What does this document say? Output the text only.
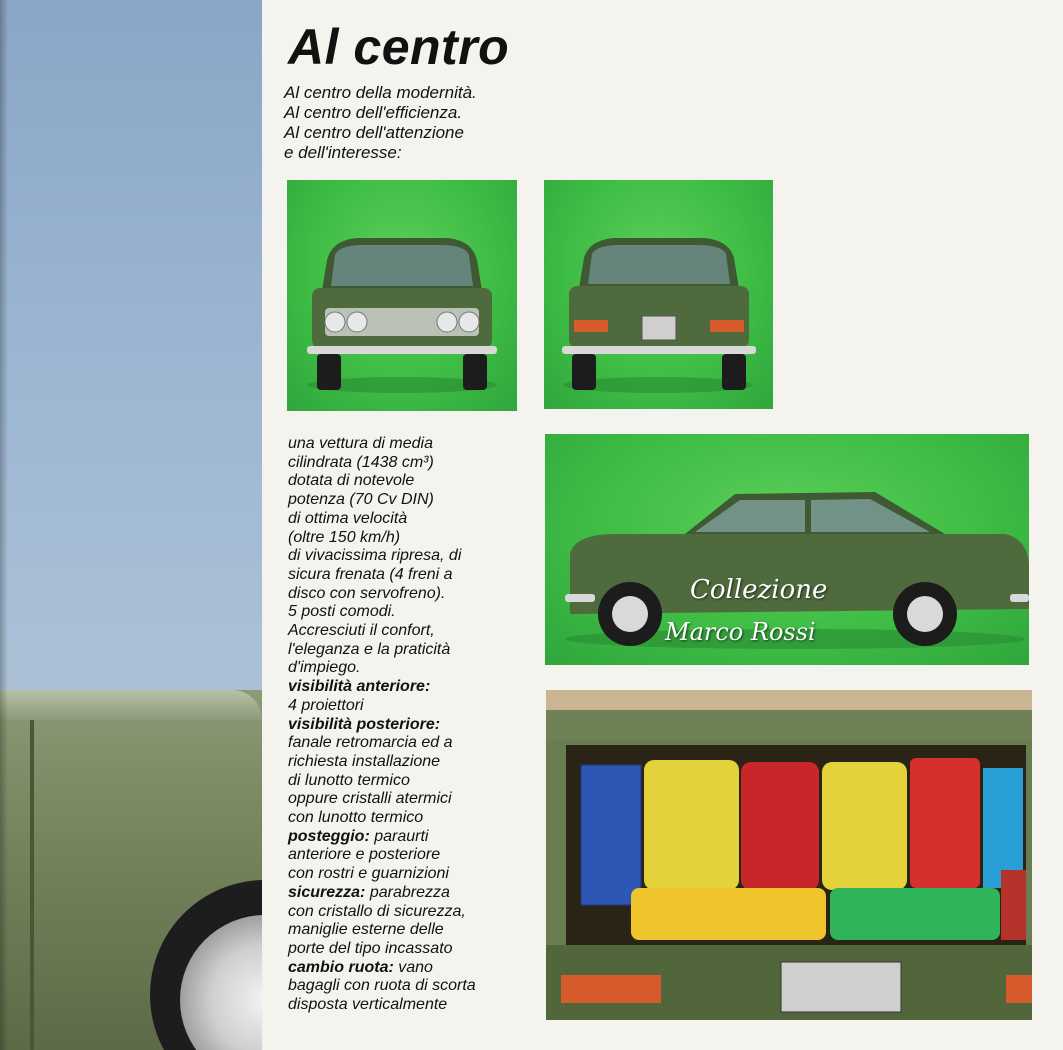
Al centro

Al centro della modernità.
Al centro dell'efficienza.
Al centro dell'attenzione
e dell'interesse:

una vettura di media
cilindrata (1438 cm³)
dotata di notevole
potenza (70 Cv DIN)
di ottima velocità
(oltre 150 km/h)
di vivacissima ripresa, di
sicura frenata (4 freni a
disco con servofreno).
5 posti comodi.
Accresciuti il confort,
l'eleganza e la praticità
d'impiego.
visibilità anteriore:
4 proiettori
visibilità posteriore:
fanale retromarcia ed a
richiesta installazione
di lunotto termico
oppure cristalli atermici
con lunotto termico
posteggio: paraurti
anteriore e posteriore
con rostri e guarnizioni
sicurezza: parabrezza
con cristallo di sicurezza,
maniglie esterne delle
porte del tipo incassato
cambio ruota: vano
bagagli con ruota di scorta
disposta verticalmente

Collezione
Marco Rossi
